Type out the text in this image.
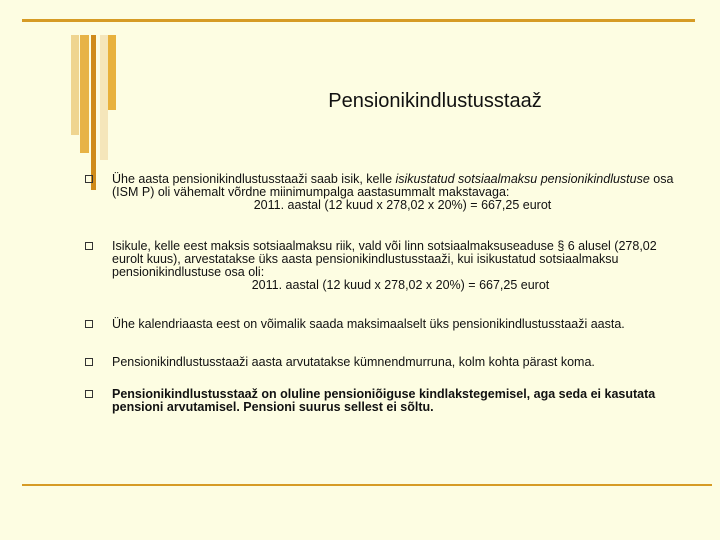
Pensionikindlustusstaaž
Ühe aasta pensionikindlustusstaaži saab isik, kelle isikustatud sotsiaalmaksu pensionikindlustuse osa (ISM P) oli vähemalt võrdne miinimumpalga aastasummalt makstavaga:
2011. aastal (12 kuud x 278,02 x 20%) = 667,25 eurot
Isikule, kelle eest maksis sotsiaalmaksu riik, vald või linn sotsiaalmaksuseaduse § 6 alusel (278,02 eurolt kuus), arvestatakse üks aasta pensionikindlustusstaaži, kui isikustatud sotsiaalmaksu pensionikindlustuse osa oli:
2011. aastal (12 kuud x 278,02 x 20%) = 667,25 eurot
Ühe kalendriaasta eest on võimalik saada maksimaalselt üks pensionikindlustusstaaži aasta.
Pensionikindlustusstaaži aasta arvutatakse kümnendmurruna, kolm kohta pärast koma.
Pensionikindlustusstaaž on oluline pensioniõiguse kindlakstegemisel, aga seda ei kasutata pensioni arvutamisel. Pensioni suurus sellest ei sõltu.
